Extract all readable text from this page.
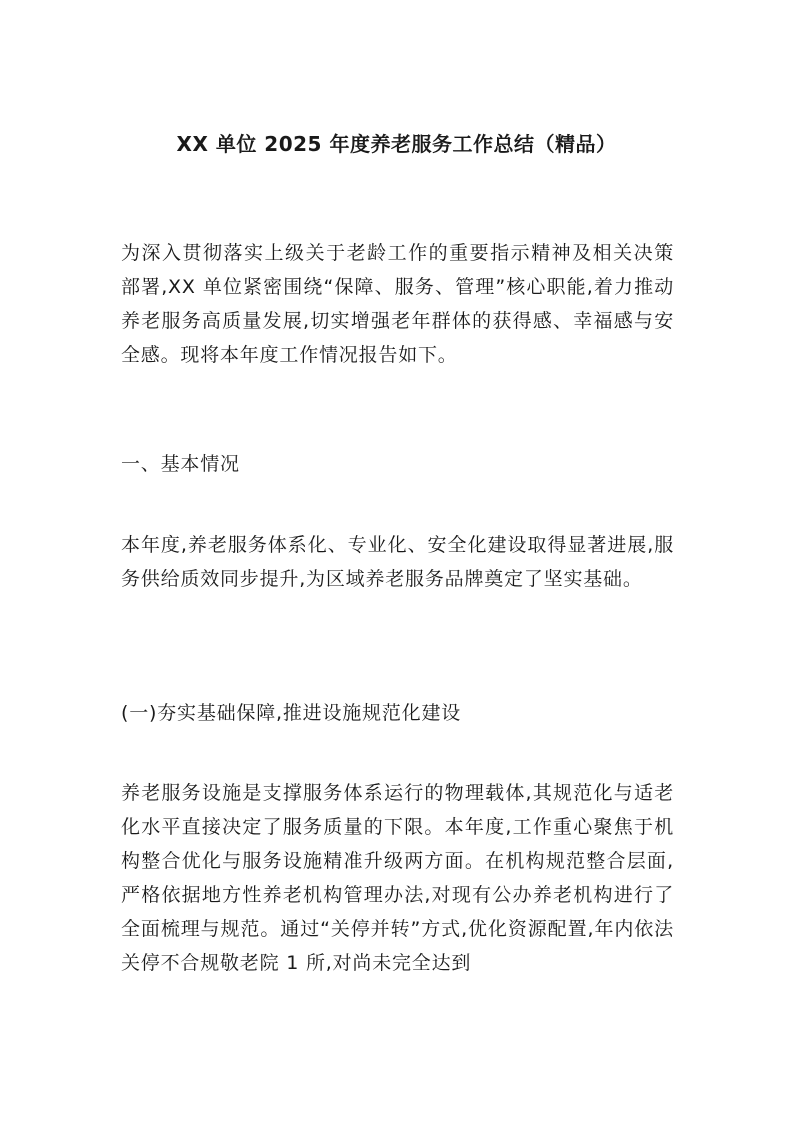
XX 单位 2025 年度养老服务工作总结（精品）
为深入贯彻落实上级关于老龄工作的重要指示精神及相关决策部署,XX 单位紧密围绕“保障、服务、管理”核心职能,着力推动养老服务高质量发展,切实增强老年群体的获得感、幸福感与安全感。现将本年度工作情况报告如下。
一、基本情况
本年度,养老服务体系化、专业化、安全化建设取得显著进展,服务供给质效同步提升,为区域养老服务品牌奠定了坚实基础。
(一)夯实基础保障,推进设施规范化建设
养老服务设施是支撑服务体系运行的物理载体,其规范化与适老化水平直接决定了服务质量的下限。本年度,工作重心聚焦于机构整合优化与服务设施精准升级两方面。在机构规范整合层面,严格依据地方性养老机构管理办法,对现有公办养老机构进行了全面梳理与规范。通过“关停并转”方式,优化资源配置,年内依法关停不合规敬老院 1 所,对尚未完全达到
